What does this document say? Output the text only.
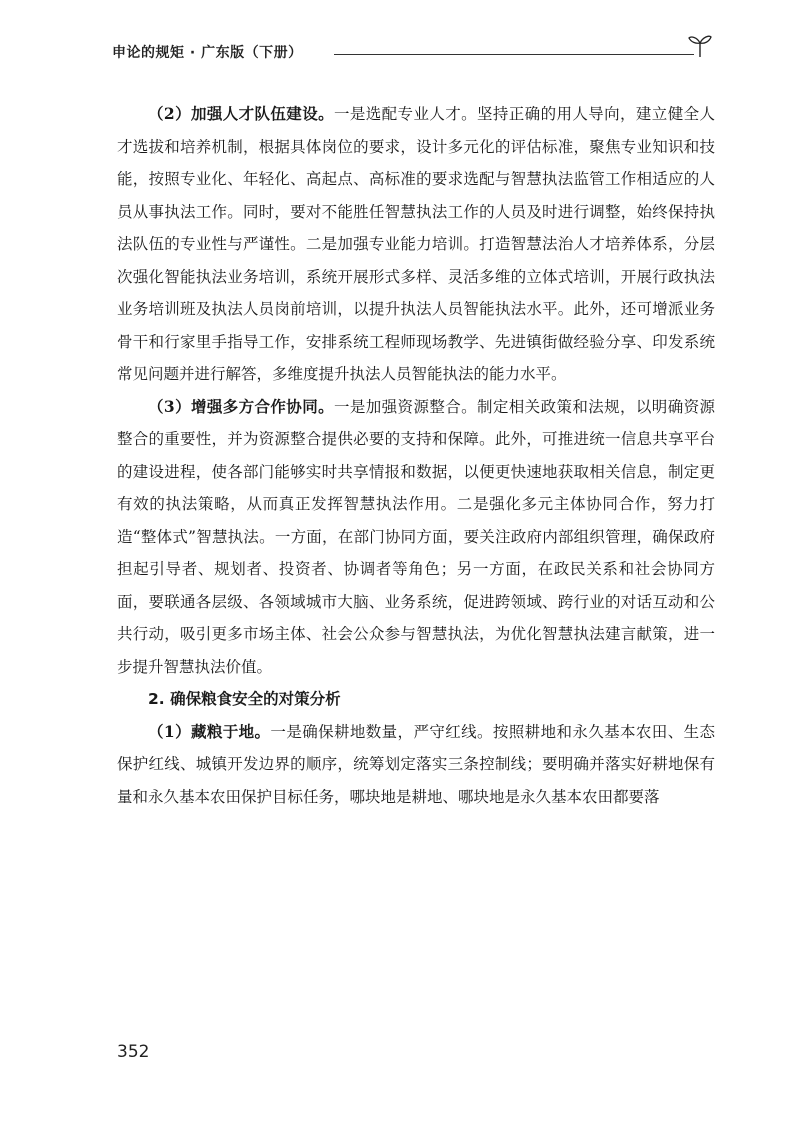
申论的规矩 · 广东版（下册）

（2）加强人才队伍建设。一是选配专业人才。坚持正确的用人导向，建立健全人才选拔和培养机制，根据具体岗位的要求，设计多元化的评估标准，聚焦专业知识和技能，按照专业化、年轻化、高起点、高标准的要求选配与智慧执法监管工作相适应的人员从事执法工作。同时，要对不能胜任智慧执法工作的人员及时进行调整，始终保持执法队伍的专业性与严谨性。二是加强专业能力培训。打造智慧法治人才培养体系，分层次强化智能执法业务培训，系统开展形式多样、灵活多维的立体式培训，开展行政执法业务培训班及执法人员岗前培训，以提升执法人员智能执法水平。此外，还可增派业务骨干和行家里手指导工作，安排系统工程师现场教学、先进镇街做经验分享、印发系统常见问题并进行解答，多维度提升执法人员智能执法的能力水平。

（3）增强多方合作协同。一是加强资源整合。制定相关政策和法规，以明确资源整合的重要性，并为资源整合提供必要的支持和保障。此外，可推进统一信息共享平台的建设进程，使各部门能够实时共享情报和数据，以便更快速地获取相关信息，制定更有效的执法策略，从而真正发挥智慧执法作用。二是强化多元主体协同合作，努力打造“整体式”智慧执法。一方面，在部门协同方面，要关注政府内部组织管理，确保政府担起引导者、规划者、投资者、协调者等角色；另一方面，在政民关系和社会协同方面，要联通各层级、各领域城市大脑、业务系统，促进跨领域、跨行业的对话互动和公共行动，吸引更多市场主体、社会公众参与智慧执法，为优化智慧执法建言献策，进一步提升智慧执法价值。

2. 确保粮食安全的对策分析

（1）藏粮于地。一是确保耕地数量，严守红线。按照耕地和永久基本农田、生态保护红线、城镇开发边界的顺序，统筹划定落实三条控制线；要明确并落实好耕地保有量和永久基本农田保护目标任务，哪块地是耕地、哪块地是永久基本农田都要落

352
